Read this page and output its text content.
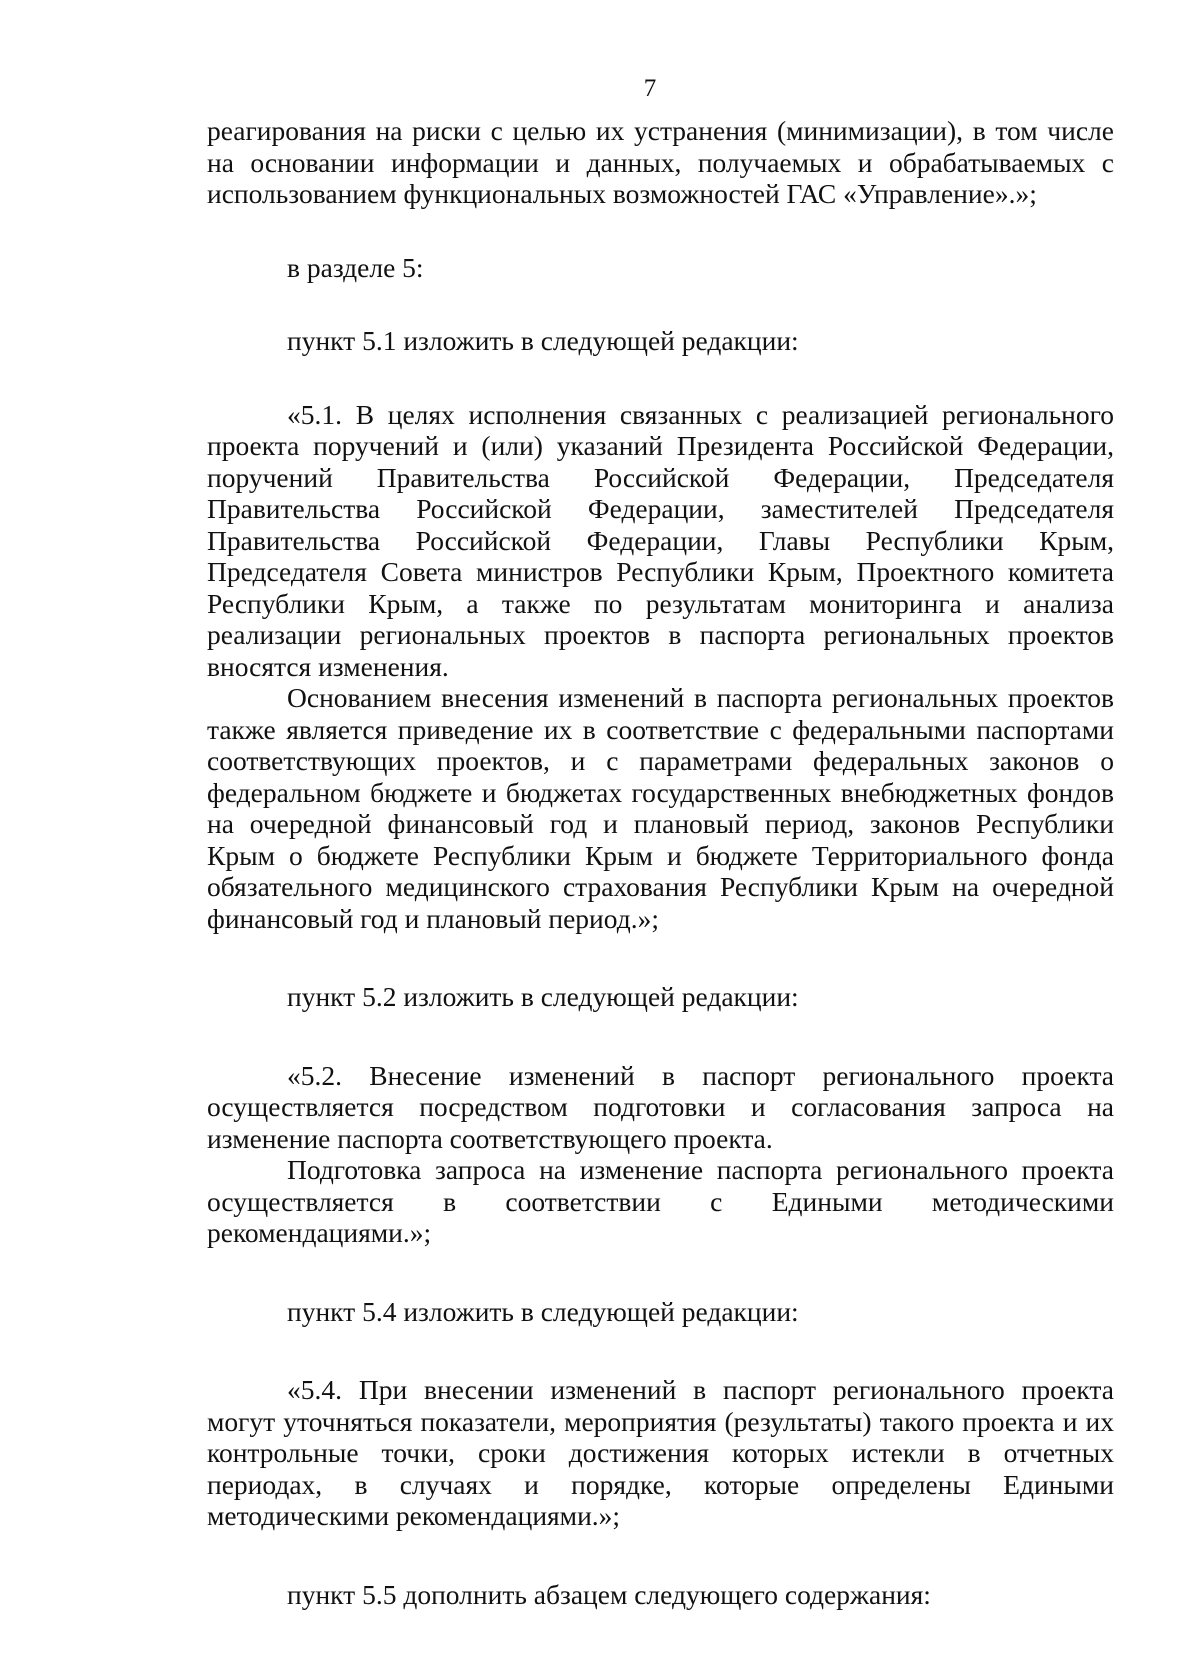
7

реагирования на риски с целью их устранения (минимизации), в том числе на основании информации и данных, получаемых и обрабатываемых с использованием функциональных возможностей ГАС «Управление».»;

в разделе 5:

пункт 5.1 изложить в следующей редакции:

«5.1. В целях исполнения связанных с реализацией регионального проекта поручений и (или) указаний Президента Российской Федерации, поручений Правительства Российской Федерации, Председателя Правительства Российской Федерации, заместителей Председателя Правительства Российской Федерации, Главы Республики Крым, Председателя Совета министров Республики Крым, Проектного комитета Республики Крым, а также по результатам мониторинга и анализа реализации региональных проектов в паспорта региональных проектов вносятся изменения.

Основанием внесения изменений в паспорта региональных проектов также является приведение их в соответствие с федеральными паспортами соответствующих проектов, и с параметрами федеральных законов о федеральном бюджете и бюджетах государственных внебюджетных фондов на очередной финансовый год и плановый период, законов Республики Крым о бюджете Республики Крым и бюджете Территориального фонда обязательного медицинского страхования Республики Крым на очередной финансовый год и плановый период.»;

пункт 5.2 изложить в следующей редакции:

«5.2. Внесение изменений в паспорт регионального проекта осуществляется посредством подготовки и согласования запроса на изменение паспорта соответствующего проекта.

Подготовка запроса на изменение паспорта регионального проекта осуществляется в соответствии с Едиными методическими рекомендациями.»;

пункт 5.4 изложить в следующей редакции:

«5.4. При внесении изменений в паспорт регионального проекта могут уточняться показатели, мероприятия (результаты) такого проекта и их контрольные точки, сроки достижения которых истекли в отчетных периодах, в случаях и порядке, которые определены Едиными методическими рекомендациями.»;

пункт 5.5 дополнить абзацем следующего содержания:
